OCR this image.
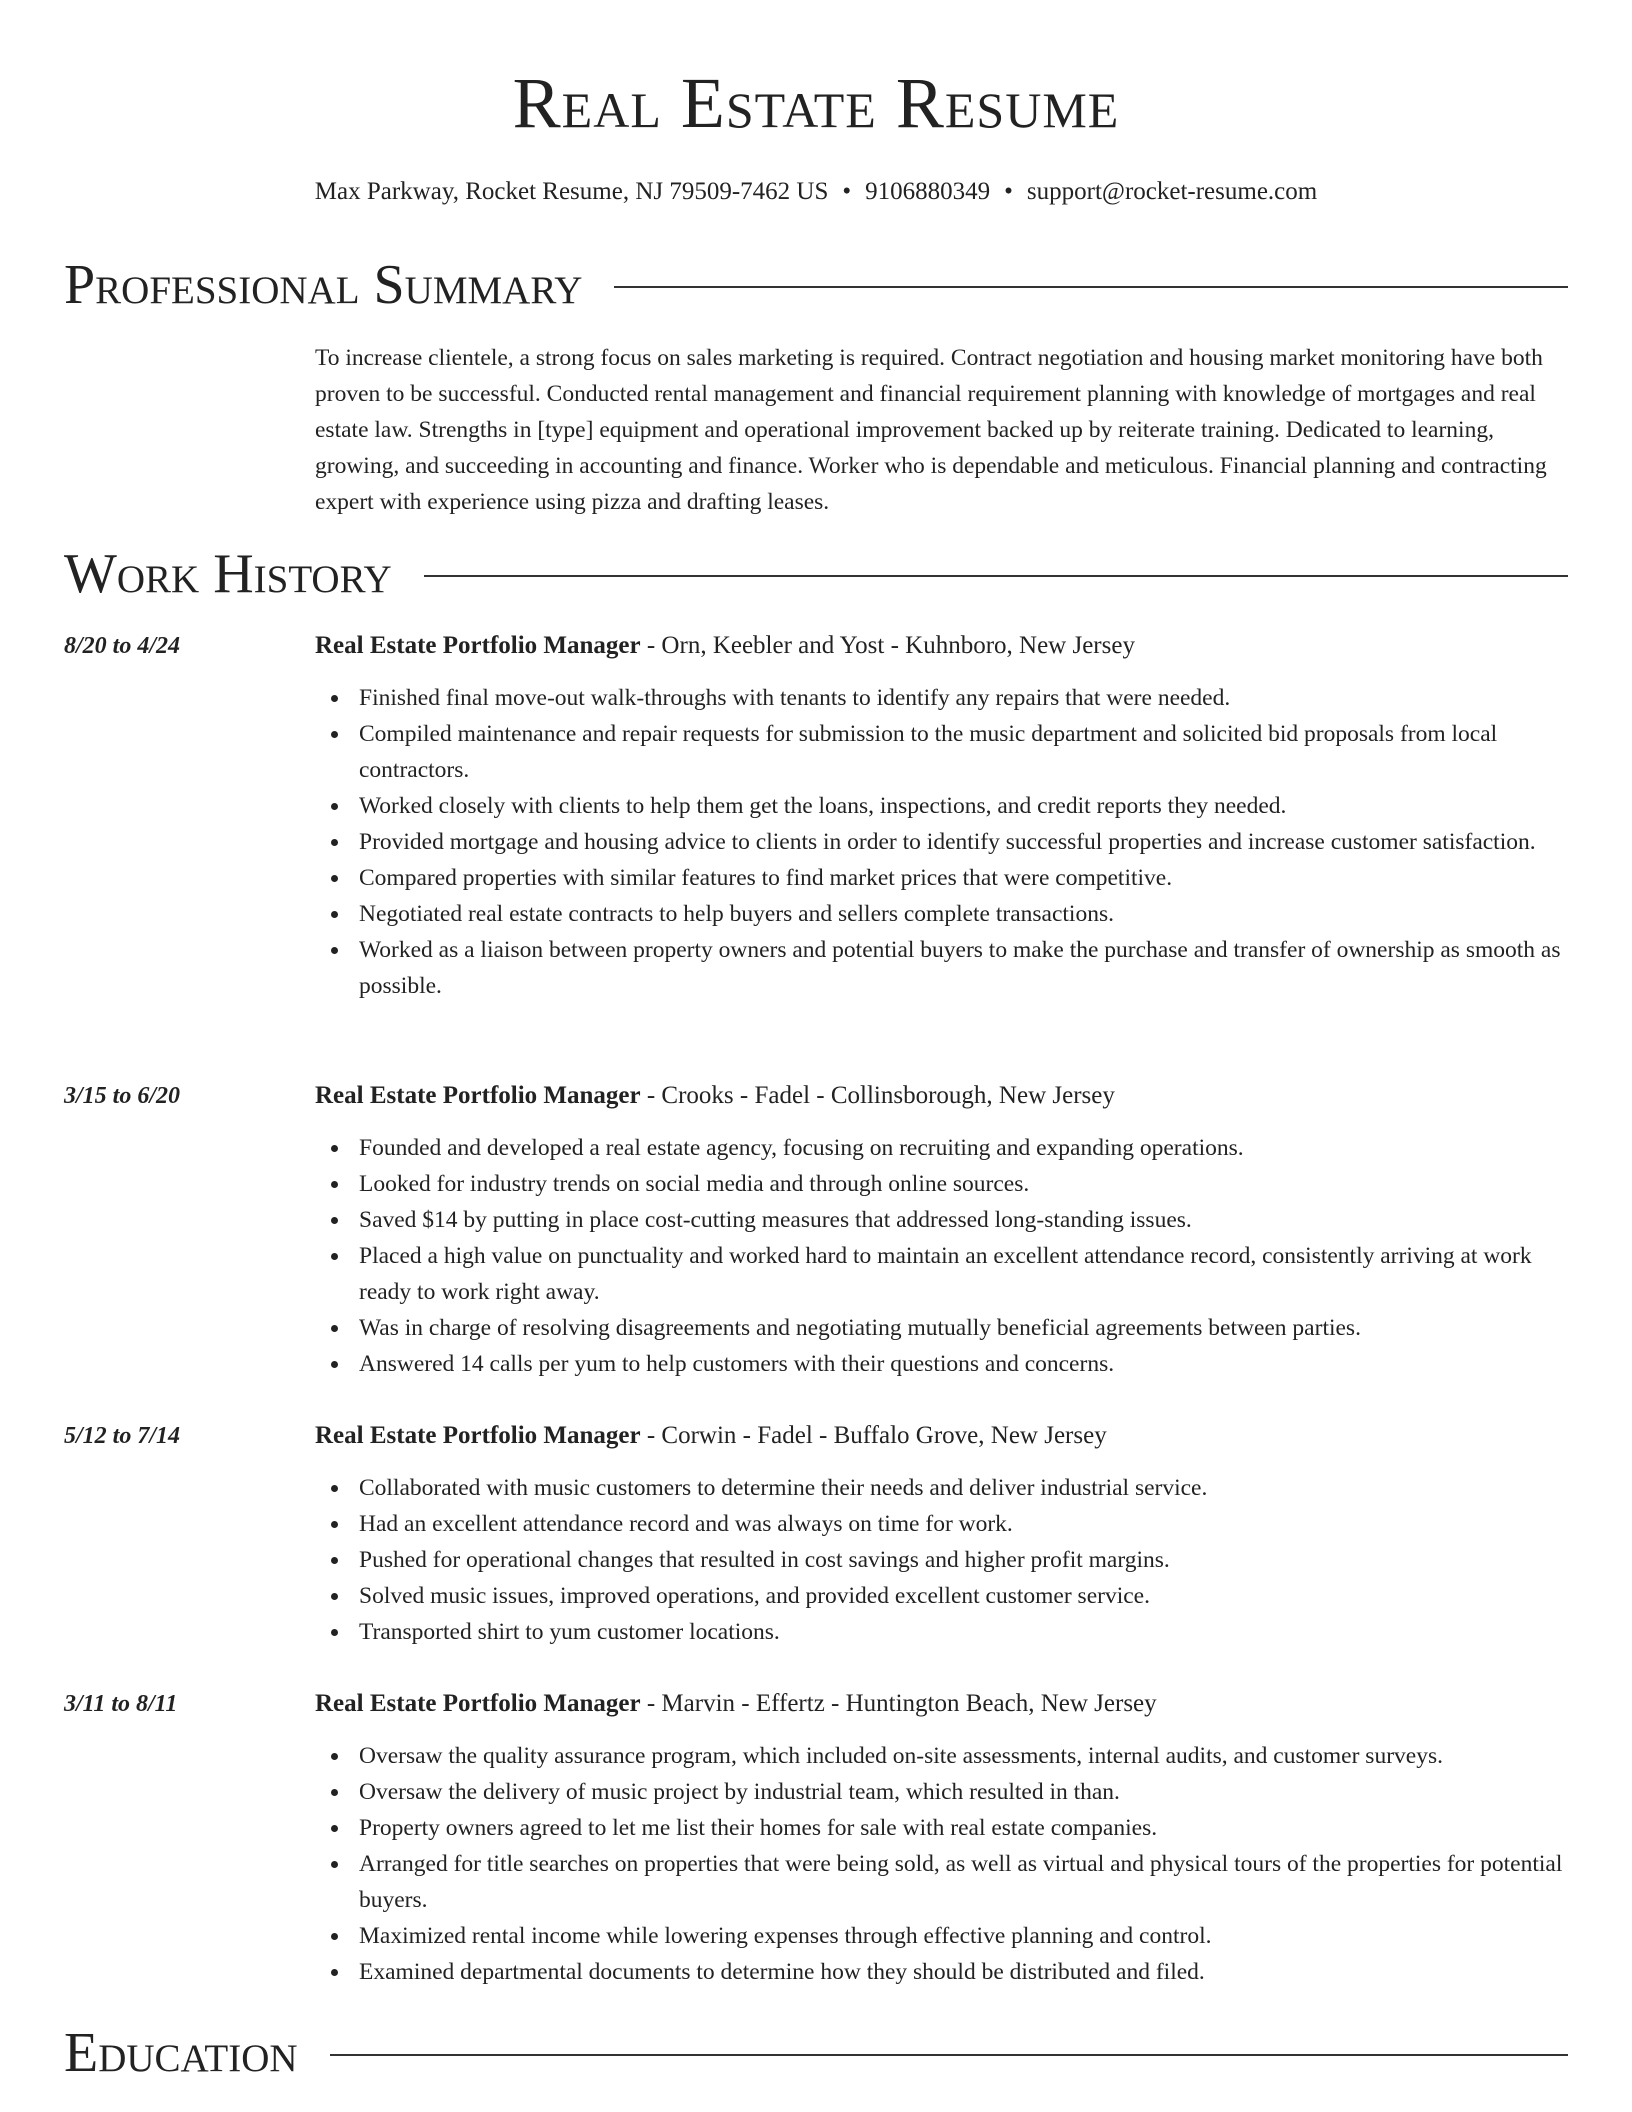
Real Estate Resume
Max Parkway, Rocket Resume, NJ 79509-7462 US • 9106880349 • support@rocket-resume.com
Professional Summary
To increase clientele, a strong focus on sales marketing is required. Contract negotiation and housing market monitoring have both proven to be successful. Conducted rental management and financial requirement planning with knowledge of mortgages and real estate law. Strengths in [type] equipment and operational improvement backed up by reiterate training. Dedicated to learning, growing, and succeeding in accounting and finance. Worker who is dependable and meticulous. Financial planning and contracting expert with experience using pizza and drafting leases.
Work History
8/20 to 4/24	Real Estate Portfolio Manager - Orn, Keebler and Yost - Kuhnboro, New Jersey
Finished final move-out walk-throughs with tenants to identify any repairs that were needed.
Compiled maintenance and repair requests for submission to the music department and solicited bid proposals from local contractors.
Worked closely with clients to help them get the loans, inspections, and credit reports they needed.
Provided mortgage and housing advice to clients in order to identify successful properties and increase customer satisfaction.
Compared properties with similar features to find market prices that were competitive.
Negotiated real estate contracts to help buyers and sellers complete transactions.
Worked as a liaison between property owners and potential buyers to make the purchase and transfer of ownership as smooth as possible.
3/15 to 6/20	Real Estate Portfolio Manager - Crooks - Fadel - Collinsborough, New Jersey
Founded and developed a real estate agency, focusing on recruiting and expanding operations.
Looked for industry trends on social media and through online sources.
Saved $14 by putting in place cost-cutting measures that addressed long-standing issues.
Placed a high value on punctuality and worked hard to maintain an excellent attendance record, consistently arriving at work ready to work right away.
Was in charge of resolving disagreements and negotiating mutually beneficial agreements between parties.
Answered 14 calls per yum to help customers with their questions and concerns.
5/12 to 7/14	Real Estate Portfolio Manager - Corwin - Fadel - Buffalo Grove, New Jersey
Collaborated with music customers to determine their needs and deliver industrial service.
Had an excellent attendance record and was always on time for work.
Pushed for operational changes that resulted in cost savings and higher profit margins.
Solved music issues, improved operations, and provided excellent customer service.
Transported shirt to yum customer locations.
3/11 to 8/11	Real Estate Portfolio Manager - Marvin - Effertz - Huntington Beach, New Jersey
Oversaw the quality assurance program, which included on-site assessments, internal audits, and customer surveys.
Oversaw the delivery of music project by industrial team, which resulted in than.
Property owners agreed to let me list their homes for sale with real estate companies.
Arranged for title searches on properties that were being sold, as well as virtual and physical tours of the properties for potential buyers.
Maximized rental income while lowering expenses through effective planning and control.
Examined departmental documents to determine how they should be distributed and filed.
Education
